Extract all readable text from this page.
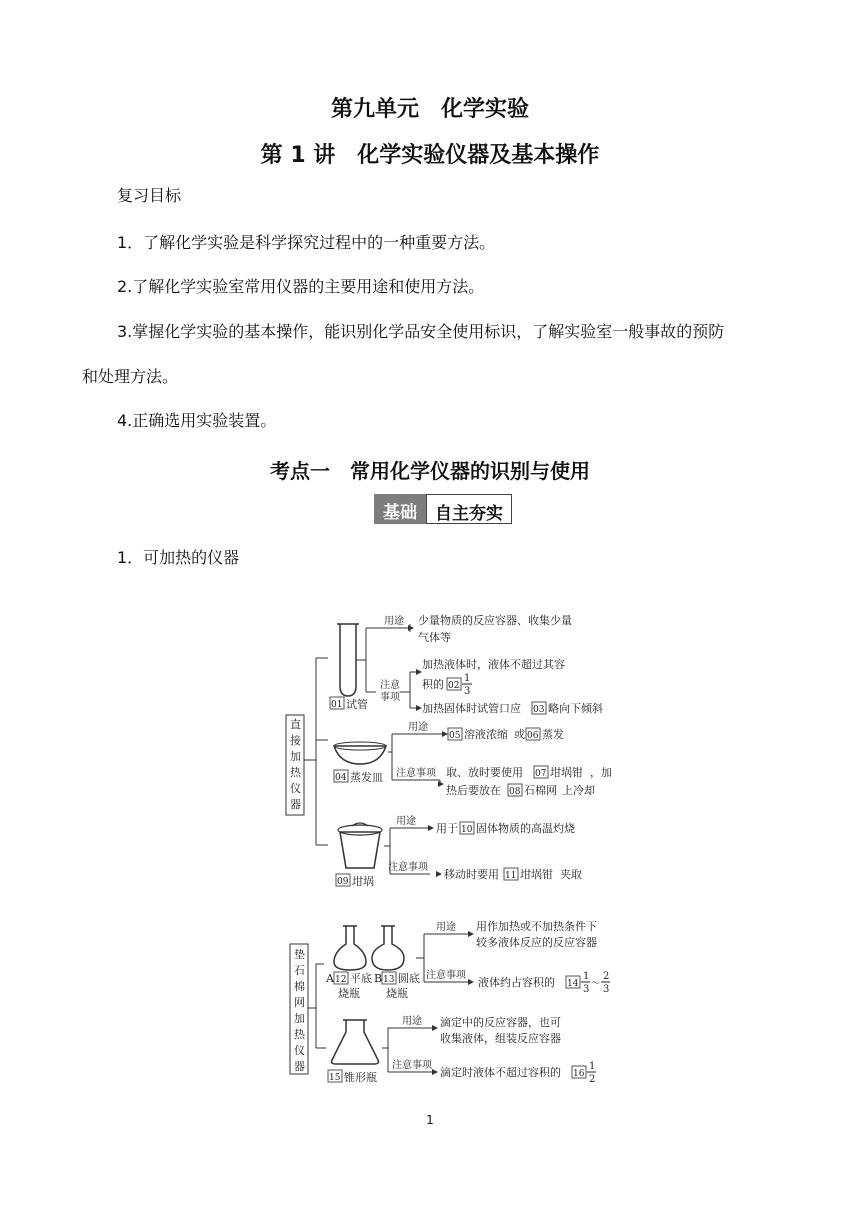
第九单元　化学实验
第 1 讲　化学实验仪器及基本操作
复习目标
1．了解化学实验是科学探究过程中的一种重要方法。
2.了解化学实验室常用仪器的主要用途和使用方法。
3.掌握化学实验的基本操作，能识别化学品安全使用标识，了解实验室一般事故的预防
和处理方法。
4.正确选用实验装置。
考点一　常用化学仪器的识别与使用
基础	自主夯实
1．可加热的仪器
直
接
加
热
仪
器
用途 少量物质的反应容器、收集少量
气体等
注意
事项
加热液体时，液体不超过其容
积的 02
1
3
加热固体时试管口应 03 略向下倾斜
01 试管
用途
05 溶液浓缩 或 06 蒸发
注意事项 取、放时要使用 07 坩埚钳 ，加
热后要放在 08 石棉网 上冷却
04 蒸发皿
用途
用于 10 固体物质的高温灼烧
注意事项
移动时要用 11 坩埚钳 夹取
09 坩埚
垫
石
棉
网
加
热
仪
器
A 12 平底
烧瓶
B 13 圆底
烧瓶
用途 用作加热或不加热条件下
较多液体反应的反应容器
注意事项
液体约占容积的 14
1
3 ～
2
3
用途 滴定中的反应容器，也可
收集液体，组装反应容器
注意事项
滴定时液体不超过容积的 16
1
2
15 锥形瓶
1
